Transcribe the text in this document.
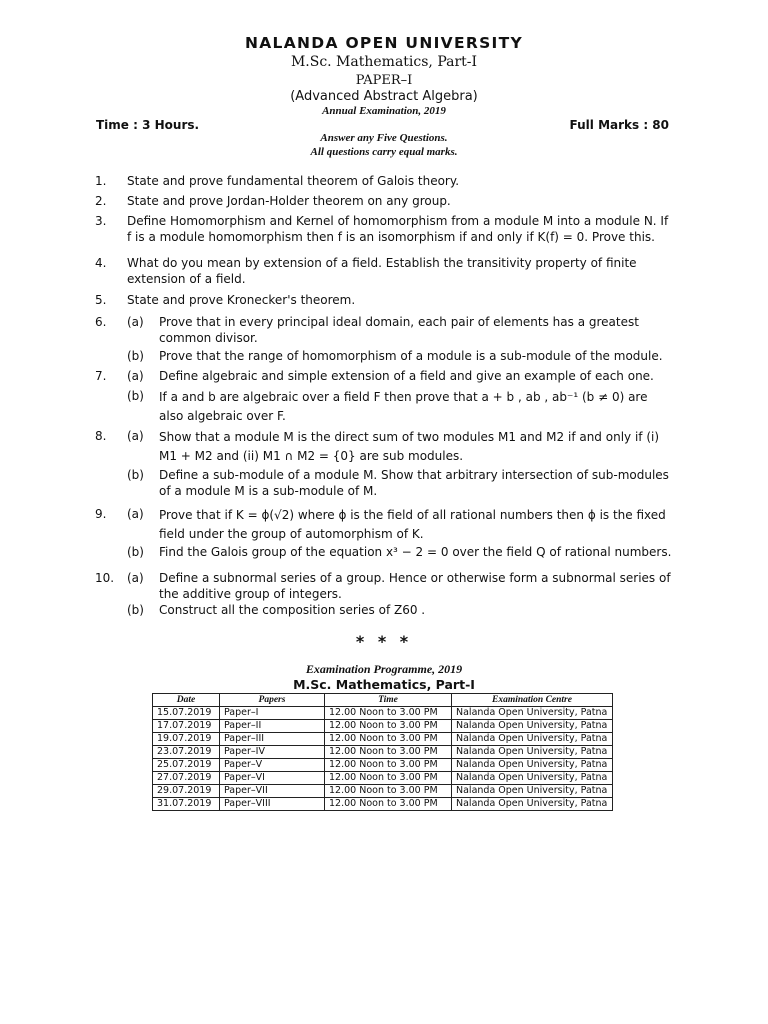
NALANDA OPEN UNIVERSITY
M.Sc. Mathematics, Part-I
PAPER–I
(Advanced Abstract Algebra)
Annual Examination, 2019
Time : 3 Hours.	Full Marks : 80
Answer any Five Questions.
All questions carry equal marks.
1. State and prove fundamental theorem of Galois theory.
2. State and prove Jordan-Holder theorem on any group.
3. Define Homomorphism and Kernel of homomorphism from a module M into a module N. If f is a module homomorphism then f is an isomorphism if and only if K(f) = 0. Prove this.
4. What do you mean by extension of a field. Establish the transitivity property of finite extension of a field.
5. State and prove Kronecker's theorem.
6. (a) Prove that in every principal ideal domain, each pair of elements has a greatest common divisor.
(b) Prove that the range of homomorphism of a module is a sub-module of the module.
7. (a) Define algebraic and simple extension of a field and give an example of each one.
(b) If a and b are algebraic over a field F then prove that a + b , ab , ab⁻¹ (b ≠ 0) are also algebraic over F.
8. (a) Show that a module M is the direct sum of two modules M1 and M2 if and only if (i) M1 + M2 and (ii) M1 ∩ M2 = {0} are sub modules.
(b) Define a sub-module of a module M. Show that arbitrary intersection of sub-modules of a module M is a sub-module of M.
9. (a) Prove that if K = ϕ(√2) where ϕ is the field of all rational numbers then ϕ is the fixed field under the group of automorphism of K.
(b) Find the Galois group of the equation x³ − 2 = 0 over the field Q of rational numbers.
10. (a) Define a subnormal series of a group. Hence or otherwise form a subnormal series of the additive group of integers.
(b) Construct all the composition series of Z60 .
* * *
Examination Programme, 2019
M.Sc. Mathematics, Part-I
Date	Papers	Time	Examination Centre
15.07.2019	Paper–I	12.00 Noon to 3.00 PM	Nalanda Open University, Patna
17.07.2019	Paper–II	12.00 Noon to 3.00 PM	Nalanda Open University, Patna
19.07.2019	Paper–III	12.00 Noon to 3.00 PM	Nalanda Open University, Patna
23.07.2019	Paper–IV	12.00 Noon to 3.00 PM	Nalanda Open University, Patna
25.07.2019	Paper–V	12.00 Noon to 3.00 PM	Nalanda Open University, Patna
27.07.2019	Paper–VI	12.00 Noon to 3.00 PM	Nalanda Open University, Patna
29.07.2019	Paper–VII	12.00 Noon to 3.00 PM	Nalanda Open University, Patna
31.07.2019	Paper–VIII	12.00 Noon to 3.00 PM	Nalanda Open University, Patna
